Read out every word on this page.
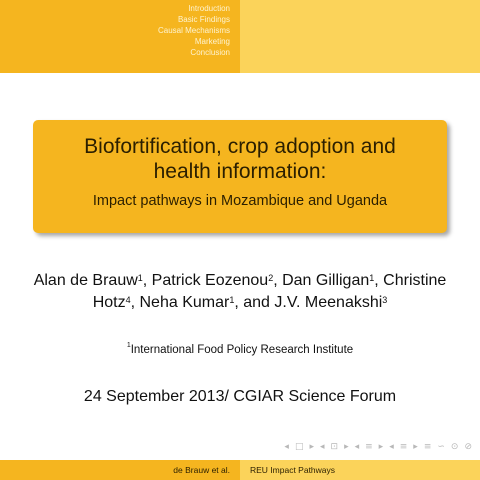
Introduction
Basic Findings
Causal Mechanisms
Marketing
Conclusion
Biofortification, crop adoption and health information:
Impact pathways in Mozambique and Uganda
Alan de Brauw$^1$, Patrick Eozenou$^2$, Dan Gilligan$^1$, Christine Hotz$^4$, Neha Kumar$^1$, and J.V. Meenakshi$^3$
$^1$International Food Policy Research Institute
24 September 2013/ CGIAR Science Forum
◂ □ ▸ ◂ ⊡ ▸ ◂ ≡ ▸ ◂ ≡ ▸ ≡ ∽ ⊙ ⊘
de Brauw et al.	REU Impact Pathways
